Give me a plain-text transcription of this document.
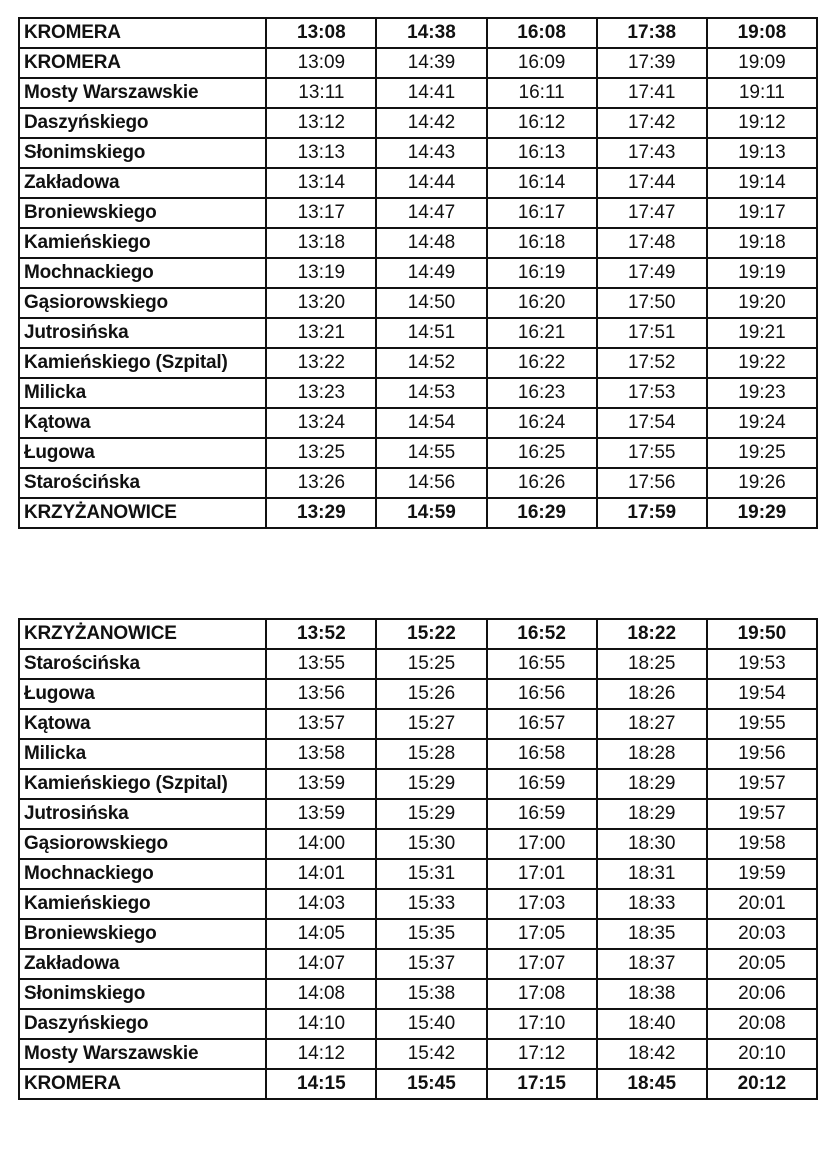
KROMERA	13:08	14:38	16:08	17:38	19:08
KROMERA	13:09	14:39	16:09	17:39	19:09
Mosty Warszawskie	13:11	14:41	16:11	17:41	19:11
Daszyńskiego	13:12	14:42	16:12	17:42	19:12
Słonimskiego	13:13	14:43	16:13	17:43	19:13
Zakładowa	13:14	14:44	16:14	17:44	19:14
Broniewskiego	13:17	14:47	16:17	17:47	19:17
Kamieńskiego	13:18	14:48	16:18	17:48	19:18
Mochnackiego	13:19	14:49	16:19	17:49	19:19
Gąsiorowskiego	13:20	14:50	16:20	17:50	19:20
Jutrosińska	13:21	14:51	16:21	17:51	19:21
Kamieńskiego (Szpital)	13:22	14:52	16:22	17:52	19:22
Milicka	13:23	14:53	16:23	17:53	19:23
Kątowa	13:24	14:54	16:24	17:54	19:24
Ługowa	13:25	14:55	16:25	17:55	19:25
Starościńska	13:26	14:56	16:26	17:56	19:26
KRZYŻANOWICE	13:29	14:59	16:29	17:59	19:29
KRZYŻANOWICE	13:52	15:22	16:52	18:22	19:50
Starościńska	13:55	15:25	16:55	18:25	19:53
Ługowa	13:56	15:26	16:56	18:26	19:54
Kątowa	13:57	15:27	16:57	18:27	19:55
Milicka	13:58	15:28	16:58	18:28	19:56
Kamieńskiego (Szpital)	13:59	15:29	16:59	18:29	19:57
Jutrosińska	13:59	15:29	16:59	18:29	19:57
Gąsiorowskiego	14:00	15:30	17:00	18:30	19:58
Mochnackiego	14:01	15:31	17:01	18:31	19:59
Kamieńskiego	14:03	15:33	17:03	18:33	20:01
Broniewskiego	14:05	15:35	17:05	18:35	20:03
Zakładowa	14:07	15:37	17:07	18:37	20:05
Słonimskiego	14:08	15:38	17:08	18:38	20:06
Daszyńskiego	14:10	15:40	17:10	18:40	20:08
Mosty Warszawskie	14:12	15:42	17:12	18:42	20:10
KROMERA	14:15	15:45	17:15	18:45	20:12
